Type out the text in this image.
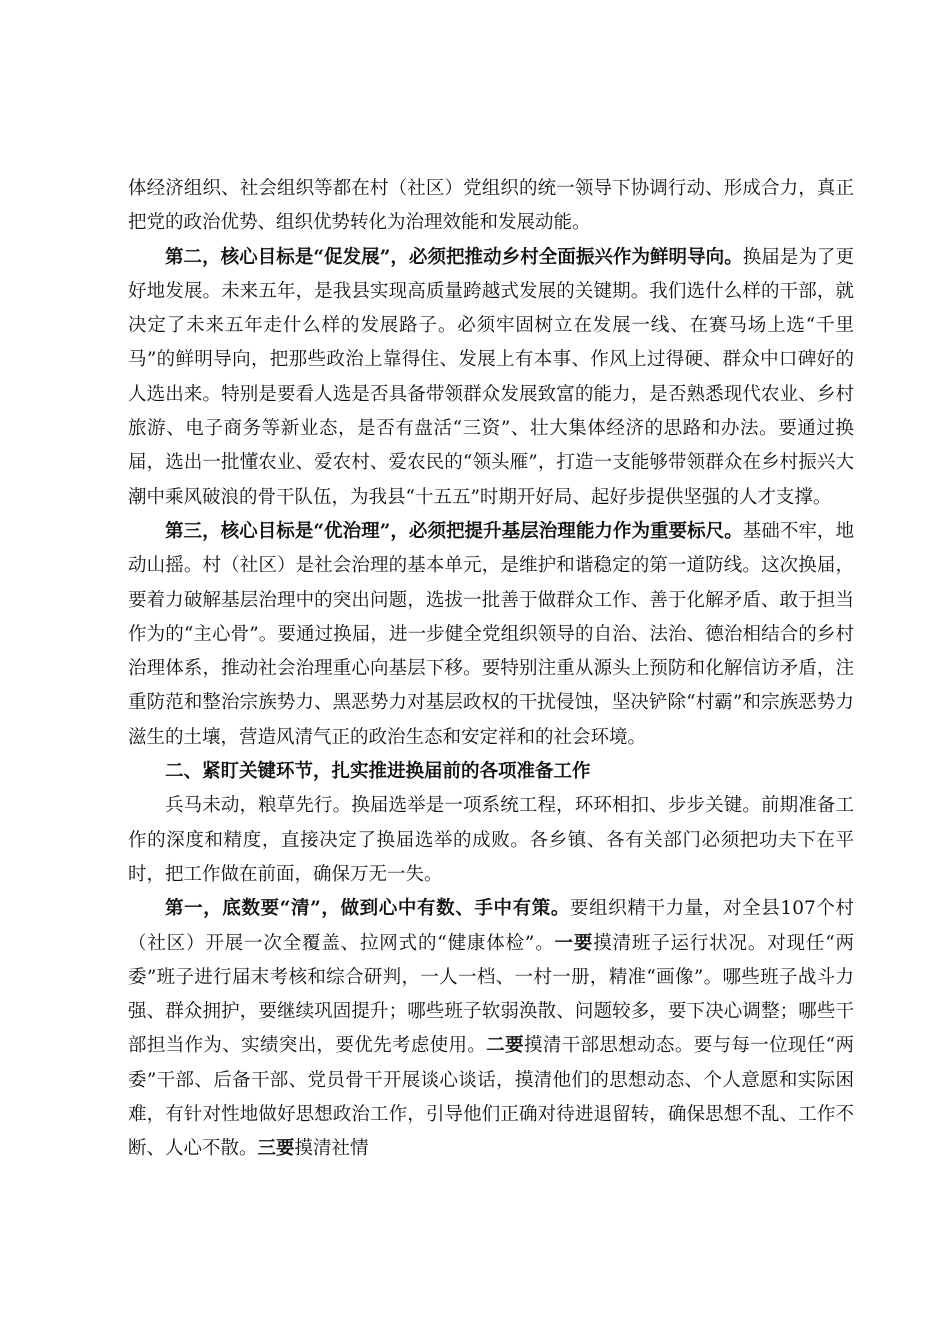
体经济组织、社会组织等都在村（社区）党组织的统一领导下协调行动、形成合力，真正把党的政治优势、组织优势转化为治理效能和发展动能。

第二，核心目标是“促发展”，必须把推动乡村全面振兴作为鲜明导向。换届是为了更好地发展。未来五年，是我县实现高质量跨越式发展的关键期。我们选什么样的干部，就决定了未来五年走什么样的发展路子。必须牢固树立在发展一线、在赛马场上选“千里马”的鲜明导向，把那些政治上靠得住、发展上有本事、作风上过得硬、群众中口碑好的人选出来。特别是要看人选是否具备带领群众发展致富的能力，是否熟悉现代农业、乡村旅游、电子商务等新业态，是否有盘活“三资”、壮大集体经济的思路和办法。要通过换届，选出一批懂农业、爱农村、爱农民的“领头雁”，打造一支能够带领群众在乡村振兴大潮中乘风破浪的骨干队伍，为我县“十五五”时期开好局、起好步提供坚强的人才支撑。

第三，核心目标是“优治理”，必须把提升基层治理能力作为重要标尺。基础不牢，地动山摇。村（社区）是社会治理的基本单元，是维护和谐稳定的第一道防线。这次换届，要着力破解基层治理中的突出问题，选拔一批善于做群众工作、善于化解矛盾、敢于担当作为的“主心骨”。要通过换届，进一步健全党组织领导的自治、法治、德治相结合的乡村治理体系，推动社会治理重心向基层下移。要特别注重从源头上预防和化解信访矛盾，注重防范和整治宗族势力、黑恶势力对基层政权的干扰侵蚀，坚决铲除“村霸”和宗族恶势力滋生的土壤，营造风清气正的政治生态和安定祥和的社会环境。

二、紧盯关键环节，扎实推进换届前的各项准备工作

兵马未动，粮草先行。换届选举是一项系统工程，环环相扣、步步关键。前期准备工作的深度和精度，直接决定了换届选举的成败。各乡镇、各有关部门必须把功夫下在平时，把工作做在前面，确保万无一失。

第一，底数要“清”，做到心中有数、手中有策。要组织精干力量，对全县107个村（社区）开展一次全覆盖、拉网式的“健康体检”。一要摸清班子运行状况。对现任“两委”班子进行届末考核和综合研判，一人一档、一村一册，精准“画像”。哪些班子战斗力强、群众拥护，要继续巩固提升；哪些班子软弱涣散、问题较多，要下决心调整；哪些干部担当作为、实绩突出，要优先考虑使用。二要摸清干部思想动态。要与每一位现任“两委”干部、后备干部、党员骨干开展谈心谈话，摸清他们的思想动态、个人意愿和实际困难，有针对性地做好思想政治工作，引导他们正确对待进退留转，确保思想不乱、工作不断、人心不散。三要摸清社情
